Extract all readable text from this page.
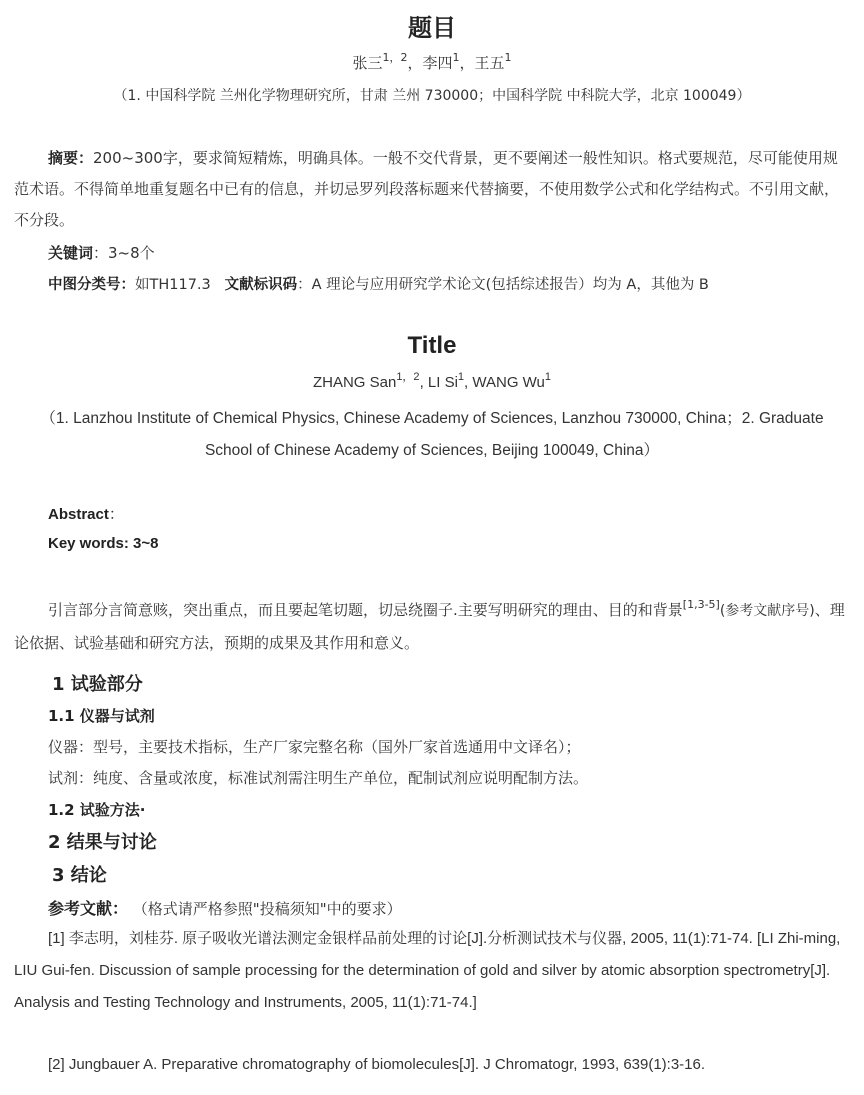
题目
张三$^{1,2}$，李四$^1$，王五$^1$
（1. 中国科学院 兰州化学物理研究所，甘肃 兰州 730000；中国科学院 中科院大学，北京 100049）
摘要：200~300字，要求简短精炼，明确具体。一般不交代背景，更不要阐述一般性知识。格式要规范，尽可能使用规范术语。不得简单地重复题名中已有的信息，并切忌罗列段落标题来代替摘要，不使用数学公式和化学结构式。不引用文献，不分段。
关键词：3~8个
中图分类号：如TH117.3 文献标识码：A 理论与应用研究学术论文(包括综述报告）均为 A，其他为 B
Title
ZHANG San$^{1,2}$, LI Si$^1$, WANG Wu$^1$
（1. Lanzhou Institute of Chemical Physics, Chinese Academy of Sciences, Lanzhou 730000, China；2. Graduate School of Chinese Academy of Sciences, Beijing 100049, China）
Abstract：
Key words: 3~8
引言部分言简意赅，突出重点，而且要起笔切题，切忌绕圈子.主要写明研究的理由、目的和背景[1,3-5](参考文献序号)、理论依据、试验基础和研究方法，预期的成果及其作用和意义。
1 试验部分
1.1 仪器与试剂
仪器：型号，主要技术指标，生产厂家完整名称（国外厂家首选通用中文译名）；
试剂：纯度、含量或浓度，标准试剂需注明生产单位，配制试剂应说明配制方法。
1.2 试验方法·
2 结果与讨论
3 结论
参考文献： （格式请严格参照"投稿须知"中的要求）
[1] 李志明，刘桂芬. 原子吸收光谱法测定金银样品前处理的讨论[J].分析测试技术与仪器, 2005, 11(1):71-74. [LI Zhi-ming, LIU Gui-fen. Discussion of sample processing for the determination of gold and silver by atomic absorption spectrometry[J]. Analysis and Testing Technology and Instruments, 2005, 11(1):71-74.]
[2] Jungbauer A. Preparative chromatography of biomolecules[J]. J Chromatogr, 1993, 639(1):3-16.
